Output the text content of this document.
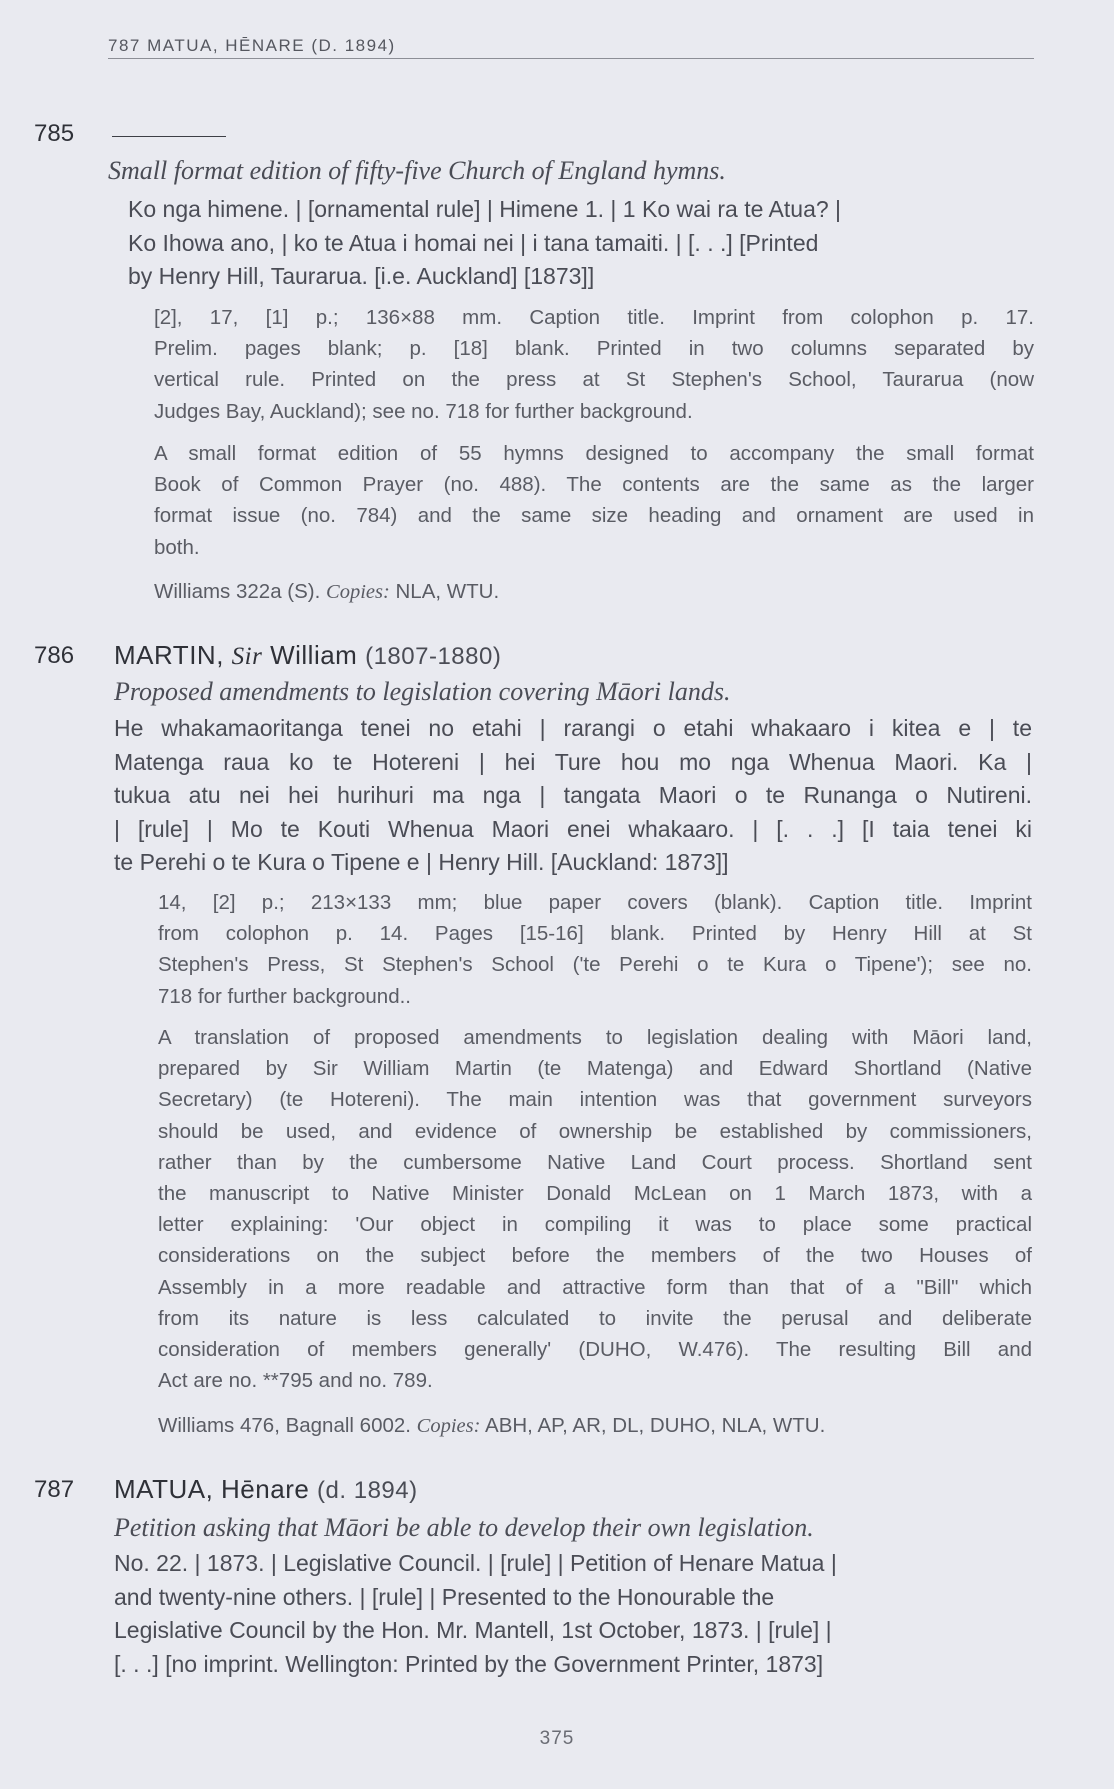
787 MATUA, HĒNARE (D. 1894)
785
Small format edition of fifty-five Church of England hymns.
Ko nga himene. | [ornamental rule] | Himene 1. | 1 Ko wai ra te Atua? |
Ko Ihowa ano, | ko te Atua i homai nei | i tana tamaiti. | [. . .] [Printed
by Henry Hill, Taurarua. [i.e. Auckland] [1873]]
[2], 17, [1] p.; 136×88 mm. Caption title. Imprint from colophon p. 17.
Prelim. pages blank; p. [18] blank. Printed in two columns separated by
vertical rule. Printed on the press at St Stephen's School, Taurarua (now
Judges Bay, Auckland); see no. 718 for further background.
A small format edition of 55 hymns designed to accompany the small format
Book of Common Prayer (no. 488). The contents are the same as the larger
format issue (no. 784) and the same size heading and ornament are used in
both.
Williams 322a (S). Copies: NLA, WTU.
786 MARTIN, Sir William (1807-1880)
Proposed amendments to legislation covering Māori lands.
He whakamaoritanga tenei no etahi | rarangi o etahi whakaaro i kitea e | te
Matenga raua ko te Hotereni | hei Ture hou mo nga Whenua Maori. Ka |
tukua atu nei hei hurihuri ma nga | tangata Maori o te Runanga o Nutireni.
| [rule] | Mo te Kouti Whenua Maori enei whakaaro. | [. . .] [I taia tenei ki
te Perehi o te Kura o Tipene e | Henry Hill. [Auckland: 1873]]
14, [2] p.; 213×133 mm; blue paper covers (blank). Caption title. Imprint
from colophon p. 14. Pages [15-16] blank. Printed by Henry Hill at St
Stephen's Press, St Stephen's School ('te Perehi o te Kura o Tipene'); see no.
718 for further background..
A translation of proposed amendments to legislation dealing with Māori land,
prepared by Sir William Martin (te Matenga) and Edward Shortland (Native
Secretary) (te Hotereni). The main intention was that government surveyors
should be used, and evidence of ownership be established by commissioners,
rather than by the cumbersome Native Land Court process. Shortland sent
the manuscript to Native Minister Donald McLean on 1 March 1873, with a
letter explaining: 'Our object in compiling it was to place some practical
considerations on the subject before the members of the two Houses of
Assembly in a more readable and attractive form than that of a "Bill" which
from its nature is less calculated to invite the perusal and deliberate
consideration of members generally' (DUHO, W.476). The resulting Bill and
Act are no. **795 and no. 789.
Williams 476, Bagnall 6002. Copies: ABH, AP, AR, DL, DUHO, NLA, WTU.
787 MATUA, Hēnare (d. 1894)
Petition asking that Māori be able to develop their own legislation.
No. 22. | 1873. | Legislative Council. | [rule] | Petition of Henare Matua |
and twenty-nine others. | [rule] | Presented to the Honourable the
Legislative Council by the Hon. Mr. Mantell, 1st October, 1873. | [rule] |
[. . .] [no imprint. Wellington: Printed by the Government Printer, 1873]
375
